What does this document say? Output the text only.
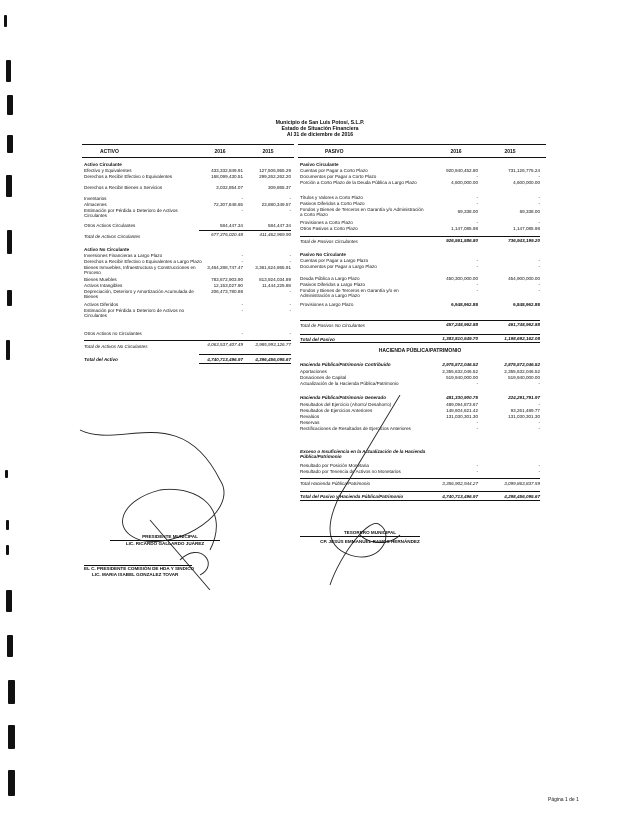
Municipio de San Luis Potosí, S.L.P.
Estado de Situación Financiera
Al 31 de diciembre de 2016
ACTIVO	2016	2015	PASIVO	2016	2015
Activo Circulante
Efectivo y Equivalentes	433,332,849.91	127,506,955.29
Derechos a Recibir Efectivo o Equivalentes	168,099,430.51	299,262,262.20
Derechos a Recibir Bienes o Servicios	3,032,854.07	309,865.37
Inventarios	-	-
Almacenes	72,307,848.65	23,880,349.57
Estimación por Pérdida o Deterioro de Activos Circulantes
-	-
Otros Activos Circulantes	584,447.34	584,447.34
Total de Activos Circulantes	677,376,020.48	411,462,969.90
Activo No Circulante
Inversiones Financieras a Largo Plazo	-	-
Derechos a Recibir Efectivo o Equivalentes a Largo Plazo	-	-
Bienes Inmuebles, Infraestructura y Construcciones en Proceso
3,464,288,747.47	3,361,624,865.91
Bienes Muebles	783,672,903.90	813,924,034.89
Activos Intangibles	12,153,027.90	11,444,225.88
Depreciación, Deterioro y Amortización Acumulada de Bienes
206,473,780.88	-
Activos Diferidos	-	-
Estimación por Pérdida o Deterioro de Activos no Circulantes
-	-
Otros Activos no Circulantes	-	-
Total de Activos No Circulantes	4,063,537,407.49	3,985,993,126.77
Total del Activo	4,740,713,496.97	4,396,456,095.67
Pasivo Circulante
Cuentas por Pagar a Corto Plazo	920,940,452.80	731,126,775.24
Documentos por Pagar a Corto Plazo	-	-
Porción a Corto Plazo de la Deuda Pública a Largo Plazo	4,600,000.00	4,600,000.00
Títulos y Valores a Corto Plazo	-	-
Pasivos Diferidos a Corto Plazo	-	-
Fondos y Bienes de Terceros en Garantía y/o Administración a Corto Plazo
69,338.00	69,338.00
Provisiones a Corto Plazo	-	-
Otros Pasivos a Corto Plazo	1,147,085.98	1,147,085.98
Total de Pasivos Circulantes	926,561,586.80	736,943,199.20
Pasivo No Circulante
Cuentas por Pagar a Largo Plazo	-	-
Documentos por Pagar a Largo Plazo	-	-
Deuda Pública a Largo Plazo	450,300,000.00	454,900,000.00
Pasivos Diferidos a Largo Plazo	-	-
Fondos y Bienes de Terceros en Garantía y/o en Administración a Largo Plazo
-	-
Provisiones a Largo Plazo	6,948,962.88	6,848,962.88
Total de Pasivos No Circulantes	457,248,962.88	461,748,962.88
Total del Pasivo	1,383,810,549.70	1,198,692,162.08
HACIENDA PÚBLICA/PATRIMONIO
Hacienda Pública/Patrimonio Contribuido	2,975,572,046.52	2,875,572,046.52
Aportaciones	2,355,632,046.52	2,355,632,046.52
Donaciones de Capital	519,940,000.00	519,940,000.00
Actualización de la Hacienda Pública/Patrimonio	-	-
Hacienda Pública/Patrimonio Generado	481,330,900.75	224,291,791.97
Resultados del Ejercicio (Ahorro/ Desahorro)	489,094,873.67	-
Resultados de Ejercicios Anteriores	148,604,621.42	93,261,489.77
Revalúos	131,030,301.30	131,030,301.30
Reservas	-	-
Rectificaciones de Resultados de Ejercicios Anteriores	-	-
Exceso o Insuficiencia en la Actualización de la Hacienda Pública/Patrimonio
Resultado por Posición Monetaria	-	-
Resultado por Tenencia de Activos no Monetarios	-	-
Total Hacienda Pública/Patrimonio	3,356,902,944.27	3,099,863,837.59
Total del Pasivo y Hacienda Pública/Patrimonio	4,740,713,496.97	4,298,456,095.67
PRESIDENTE MUNICIPAL
LIC. RICARDO GALLARDO JUÁREZ
TESORERO MUNICIPAL
CP. JESÚS EMMANUEL RAMOS HERNÁNDEZ
EL C. PRESIDENTE COMISIÓN DE HDA Y SINDICO
LIC. MARIA ISABEL GONZALEZ TOVAR
Página 1 de 1
